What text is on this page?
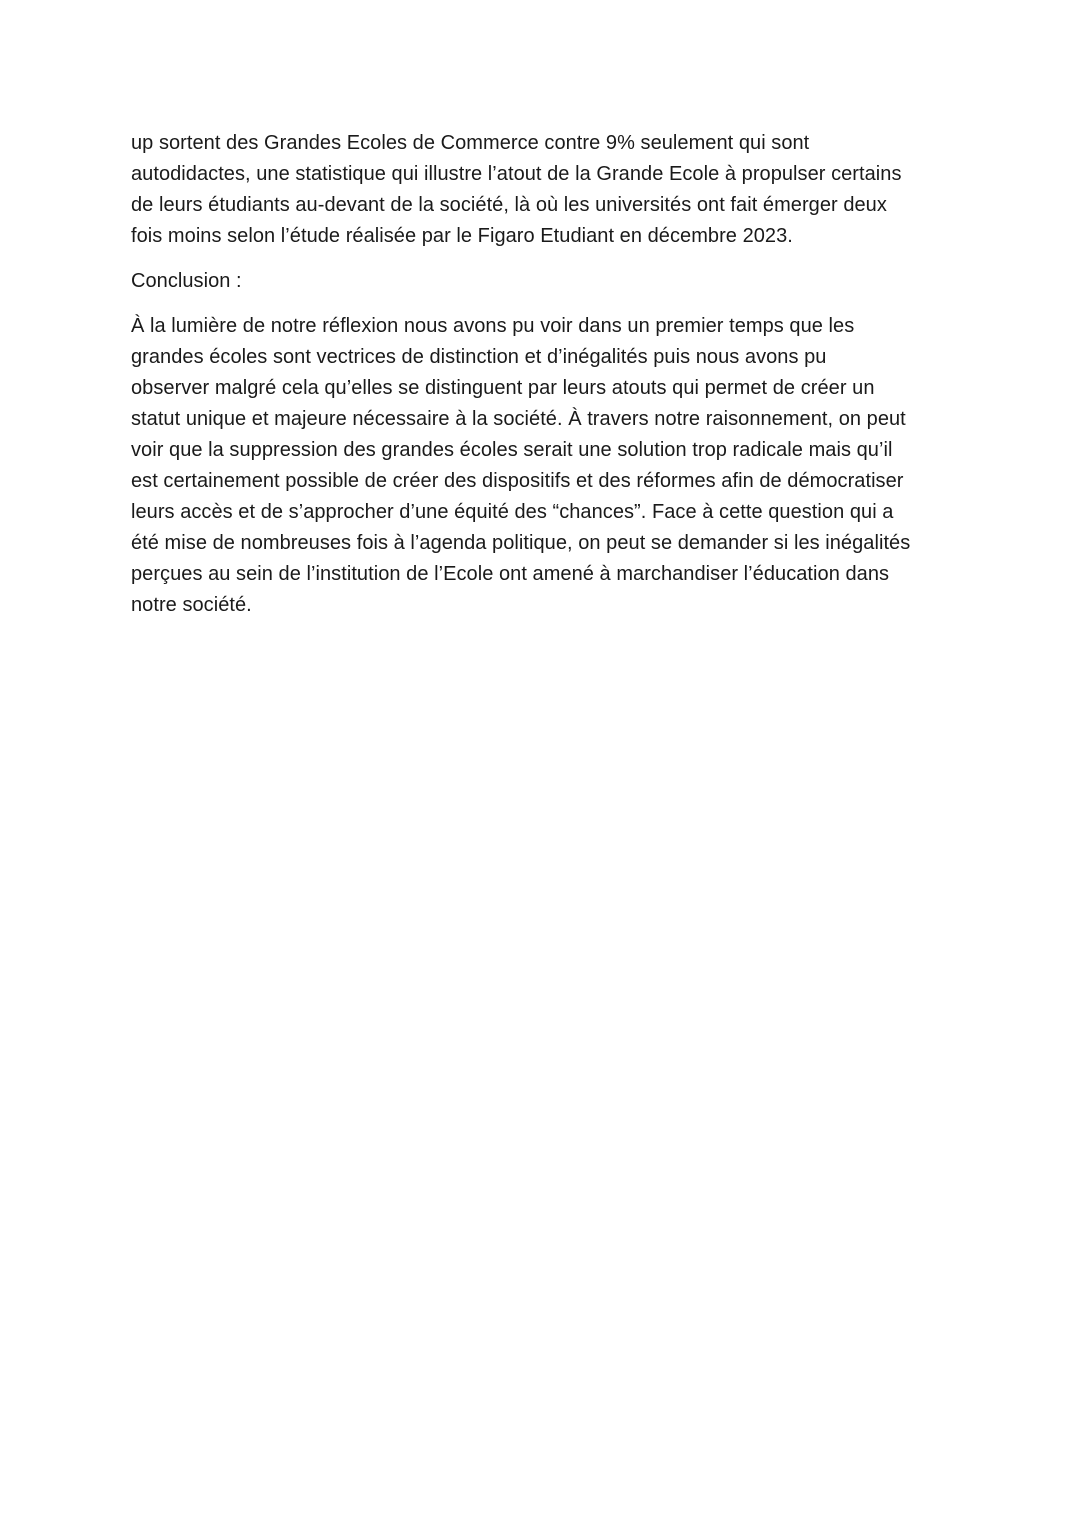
up sortent des Grandes Ecoles de Commerce contre 9% seulement qui sont
autodidactes, une statistique qui illustre l’atout de la Grande Ecole à propulser certains
de leurs étudiants au-devant de la société, là où les universités ont fait émerger deux
fois moins selon l’étude réalisée par le Figaro Etudiant en décembre 2023.

Conclusion :

À la lumière de notre réflexion nous avons pu voir dans un premier temps que les
grandes écoles sont vectrices de distinction et d’inégalités puis nous avons pu
observer malgré cela qu’elles se distinguent par leurs atouts qui permet de créer un
statut unique et majeure nécessaire à la société. À travers notre raisonnement, on peut
voir que la suppression des grandes écoles serait une solution trop radicale mais qu’il
est certainement possible de créer des dispositifs et des réformes afin de démocratiser
leurs accès et de s’approcher d’une équité des “chances”. Face à cette question qui a
été mise de nombreuses fois à l’agenda politique, on peut se demander si les inégalités
perçues au sein de l’institution de l’Ecole ont amené à marchandiser l’éducation dans
notre société.
